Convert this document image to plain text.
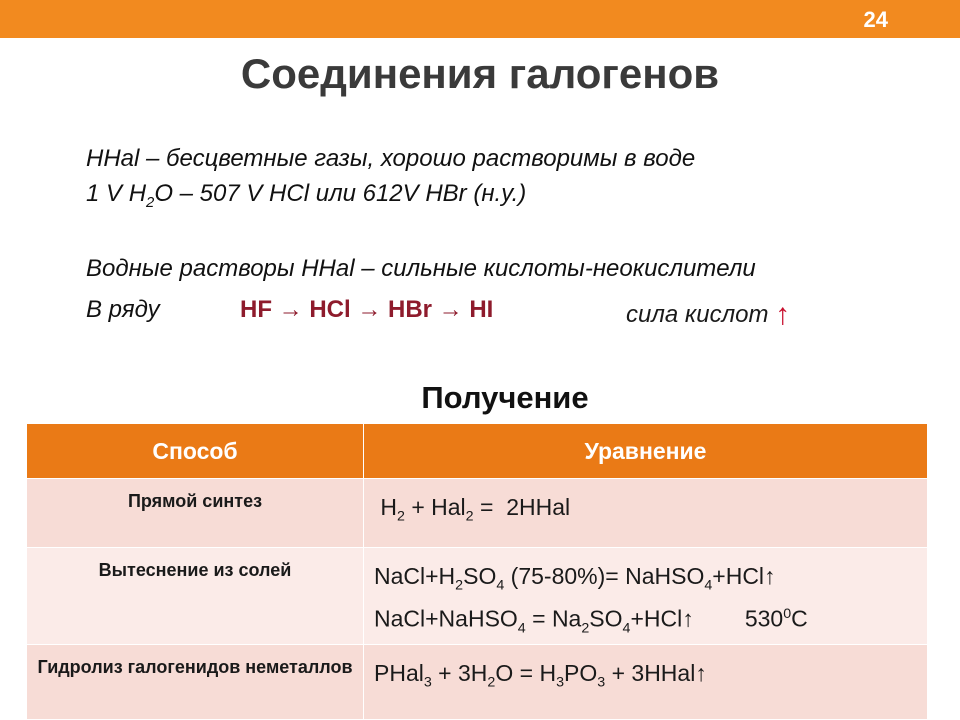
24
Соединения галогенов
HHal – бесцветные газы, хорошо растворимы в воде
1 V $H_2O - 507$ V HCl или 612V HBr (н.у.)
Водные растворы HHal – сильные кислоты-неокислители
В ряду	HF → HCl → HBr → HI	сила кислот ↑
Получение
Способ	Уравнение
Прямой синтез	$H_2 + Hal_2$ =  2HHal

Вытеснение из солей	$NaCl+H_2SO_4$ (75-80%)= NaHSO$_4$+HCl↑
NaCl+NaHSO$_4$ = $Na_2SO_4+HCl↑$        $530^0C$

Гидролиз галогенидов неметаллов	PHal$_3$ + $3H_2O = H_3PO_3$ + 3HHal↑
